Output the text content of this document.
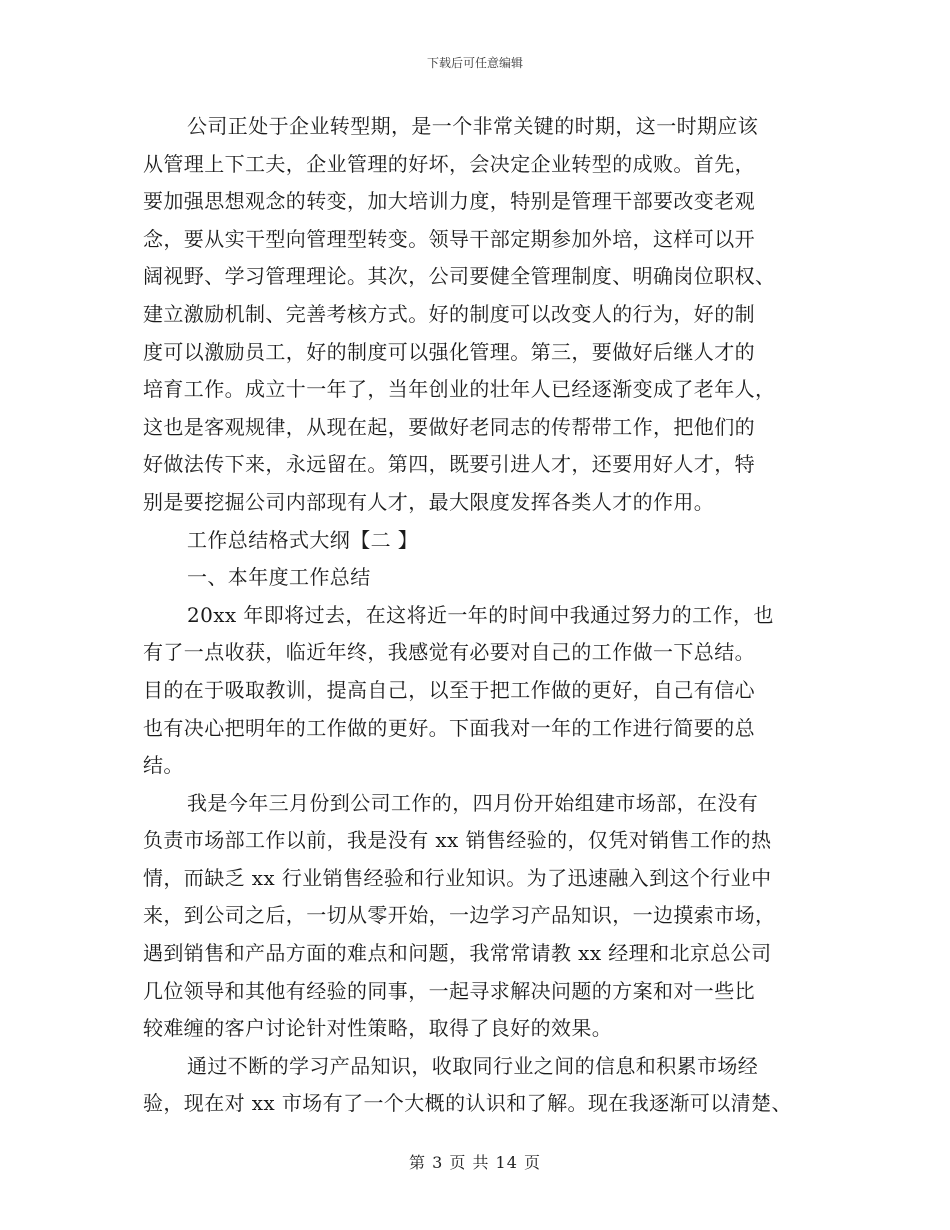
下载后可任意编辑
公司正处于企业转型期，是一个非常关键的时期，这一时期应该
从管理上下工夫，企业管理的好坏，会决定企业转型的成败。首先，
要加强思想观念的转变，加大培训力度，特别是管理干部要改变老观
念，要从实干型向管理型转变。领导干部定期参加外培，这样可以开
阔视野、学习管理理论。其次，公司要健全管理制度、明确岗位职权、
建立激励机制、完善考核方式。好的制度可以改变人的行为，好的制
度可以激励员工，好的制度可以强化管理。第三，要做好后继人才的
培育工作。成立十一年了，当年创业的壮年人已经逐渐变成了老年人，
这也是客观规律，从现在起，要做好老同志的传帮带工作，把他们的
好做法传下来，永远留在。第四，既要引进人才，还要用好人才，特
别是要挖掘公司内部现有人才，最大限度发挥各类人才的作用。
工作总结格式大纲【二 】
一、本年度工作总结
20xx 年即将过去，在这将近一年的时间中我通过努力的工作，也
有了一点收获，临近年终，我感觉有必要对自己的工作做一下总结。
目的在于吸取教训，提高自己，以至于把工作做的更好，自己有信心
也有决心把明年的工作做的更好。下面我对一年的工作进行简要的总
结。
我是今年三月份到公司工作的，四月份开始组建市场部，在没有
负责市场部工作以前，我是没有 xx 销售经验的，仅凭对销售工作的热
情，而缺乏 xx 行业销售经验和行业知识。为了迅速融入到这个行业中
来，到公司之后，一切从零开始，一边学习产品知识，一边摸索市场，
遇到销售和产品方面的难点和问题，我常常请教 xx 经理和北京总公司
几位领导和其他有经验的同事，一起寻求解决问题的方案和对一些比
较难缠的客户讨论针对性策略，取得了良好的效果。
通过不断的学习产品知识，收取同行业之间的信息和积累市场经
验，现在对 xx 市场有了一个大概的认识和了解。现在我逐渐可以清楚、
第 3 页 共 14 页
